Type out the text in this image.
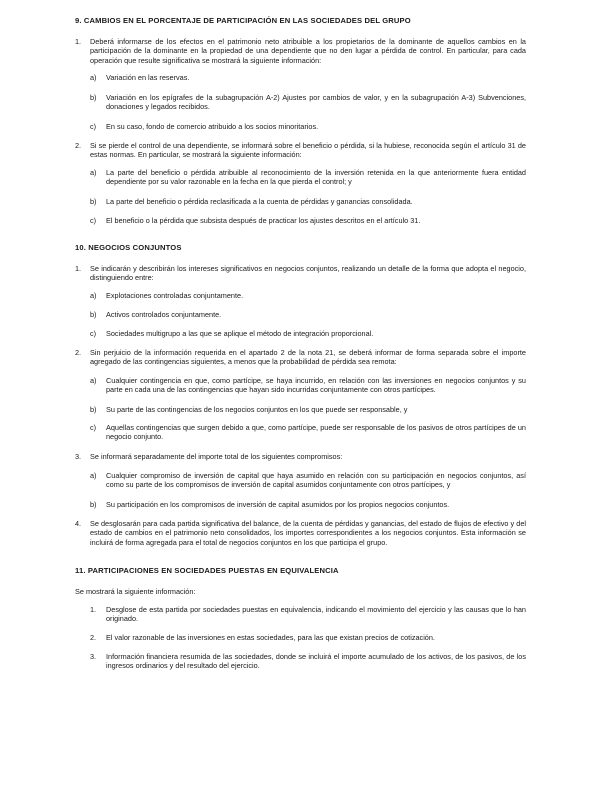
9. CAMBIOS EN EL PORCENTAJE DE PARTICIPACIÓN EN LAS SOCIEDADES DEL GRUPO

1. Deberá informarse de los efectos en el patrimonio neto atribuible a los propietarios de la dominante de aquellos cambios en la participación de la dominante en la propiedad de una dependiente que no den lugar a pérdida de control. En particular, para cada operación que resulte significativa se mostrará la siguiente información:

a) Variación en las reservas.

b) Variación en los epígrafes de la subagrupación A-2) Ajustes por cambios de valor, y en la subagrupación A-3) Subvenciones, donaciones y legados recibidos.

c) En su caso, fondo de comercio atribuido a los socios minoritarios.

2. Si se pierde el control de una dependiente, se informará sobre el beneficio o pérdida, si la hubiese, reconocida según el artículo 31 de estas normas. En particular, se mostrará la siguiente información:

a) La parte del beneficio o pérdida atribuible al reconocimiento de la inversión retenida en la que anteriormente fuera entidad dependiente por su valor razonable en la fecha en la que pierda el control; y

b) La parte del beneficio o pérdida reclasificada a la cuenta de pérdidas y ganancias consolidada.

c) El beneficio o la pérdida que subsista después de practicar los ajustes descritos en el artículo 31.

10. NEGOCIOS CONJUNTOS

1. Se indicarán y describirán los intereses significativos en negocios conjuntos, realizando un detalle de la forma que adopta el negocio, distinguiendo entre:

a) Explotaciones controladas conjuntamente.

b) Activos controlados conjuntamente.

c) Sociedades multigrupo a las que se aplique el método de integración proporcional.

2. Sin perjuicio de la información requerida en el apartado 2 de la nota 21, se deberá informar de forma separada sobre el importe agregado de las contingencias siguientes, a menos que la probabilidad de pérdida sea remota:

a) Cualquier contingencia en que, como partícipe, se haya incurrido, en relación con las inversiones en negocios conjuntos y su parte en cada una de las contingencias que hayan sido incurridas conjuntamente con otros partícipes.

b) Su parte de las contingencias de los negocios conjuntos en los que puede ser responsable, y

c) Aquellas contingencias que surgen debido a que, como partícipe, puede ser responsable de los pasivos de otros partícipes de un negocio conjunto.

3. Se informará separadamente del importe total de los siguientes compromisos:

a) Cualquier compromiso de inversión de capital que haya asumido en relación con su participación en negocios conjuntos, así como su parte de los compromisos de inversión de capital asumidos conjuntamente con otros partícipes, y

b) Su participación en los compromisos de inversión de capital asumidos por los propios negocios conjuntos.

4. Se desglosarán para cada partida significativa del balance, de la cuenta de pérdidas y ganancias, del estado de flujos de efectivo y del estado de cambios en el patrimonio neto consolidados, los importes correspondientes a los negocios conjuntos. Esta información se incluirá de forma agregada para el total de negocios conjuntos en los que participa el grupo.

11. PARTICIPACIONES EN SOCIEDADES PUESTAS EN EQUIVALENCIA

Se mostrará la siguiente información:

1. Desglose de esta partida por sociedades puestas en equivalencia, indicando el movimiento del ejercicio y las causas que lo han originado.

2. El valor razonable de las inversiones en estas sociedades, para las que existan precios de cotización.

3. Información financiera resumida de las sociedades, donde se incluirá el importe acumulado de los activos, de los pasivos, de los ingresos ordinarios y del resultado del ejercicio.
